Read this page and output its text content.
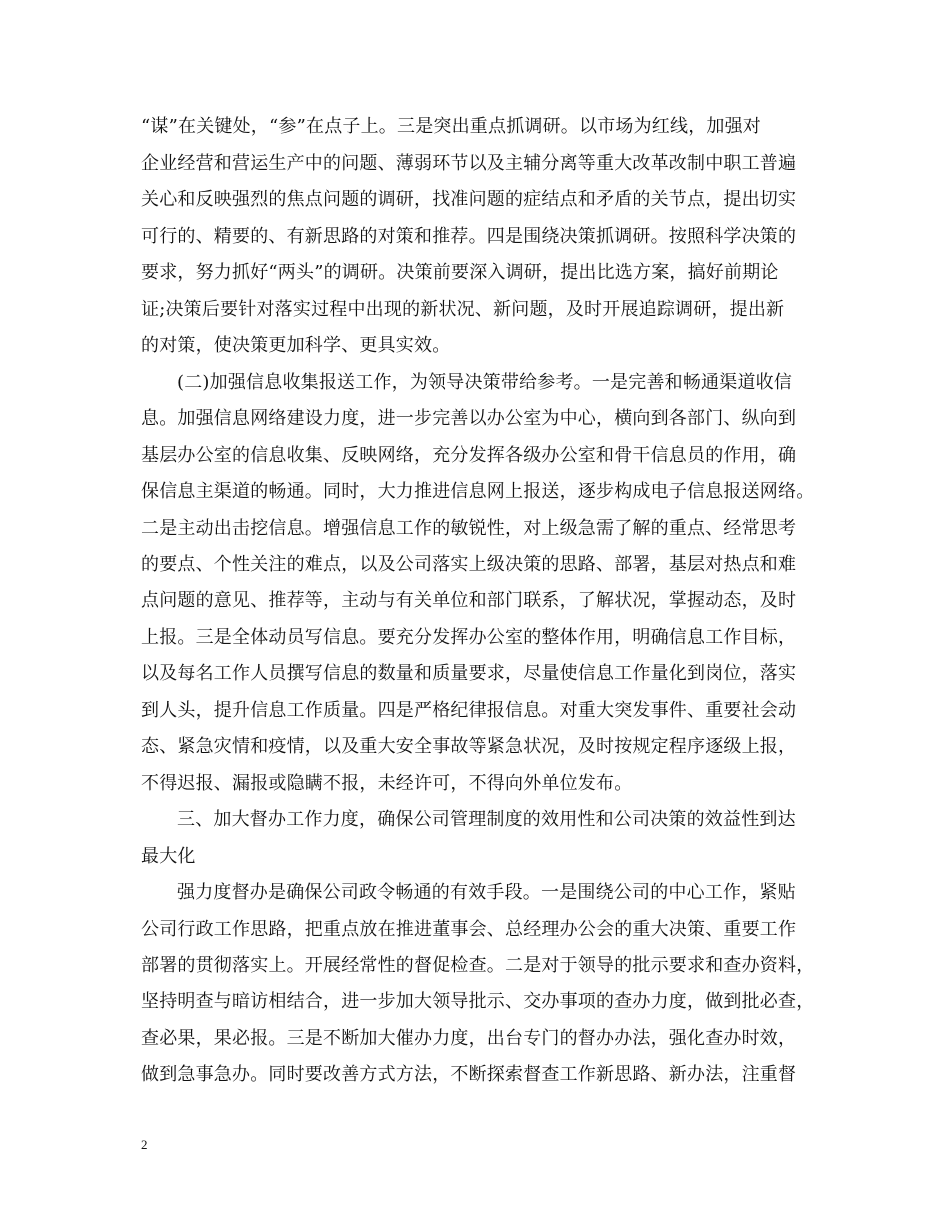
“谋”在关键处，“参”在点子上。三是突出重点抓调研。以市场为红线，加强对
企业经营和营运生产中的问题、薄弱环节以及主辅分离等重大改革改制中职工普遍
关心和反映强烈的焦点问题的调研，找准问题的症结点和矛盾的关节点，提出切实
可行的、精要的、有新思路的对策和推荐。四是围绕决策抓调研。按照科学决策的
要求，努力抓好“两头”的调研。决策前要深入调研，提出比选方案，搞好前期论
证;决策后要针对落实过程中出现的新状况、新问题，及时开展追踪调研，提出新
的对策，使决策更加科学、更具实效。
(二)加强信息收集报送工作，为领导决策带给参考。一是完善和畅通渠道收信
息。加强信息网络建设力度，进一步完善以办公室为中心，横向到各部门、纵向到
基层办公室的信息收集、反映网络，充分发挥各级办公室和骨干信息员的作用，确
保信息主渠道的畅通。同时，大力推进信息网上报送，逐步构成电子信息报送网络。
二是主动出击挖信息。增强信息工作的敏锐性，对上级急需了解的重点、经常思考
的要点、个性关注的难点，以及公司落实上级决策的思路、部署，基层对热点和难
点问题的意见、推荐等，主动与有关单位和部门联系，了解状况，掌握动态，及时
上报。三是全体动员写信息。要充分发挥办公室的整体作用，明确信息工作目标，
以及每名工作人员撰写信息的数量和质量要求，尽量使信息工作量化到岗位，落实
到人头，提升信息工作质量。四是严格纪律报信息。对重大突发事件、重要社会动
态、紧急灾情和疫情，以及重大安全事故等紧急状况，及时按规定程序逐级上报，
不得迟报、漏报或隐瞒不报，未经许可，不得向外单位发布。
三、加大督办工作力度，确保公司管理制度的效用性和公司决策的效益性到达
最大化
强力度督办是确保公司政令畅通的有效手段。一是围绕公司的中心工作，紧贴
公司行政工作思路，把重点放在推进董事会、总经理办公会的重大决策、重要工作
部署的贯彻落实上。开展经常性的督促检查。二是对于领导的批示要求和查办资料，
坚持明查与暗访相结合，进一步加大领导批示、交办事项的查办力度，做到批必查，
查必果，果必报。三是不断加大催办力度，出台专门的督办办法，强化查办时效，
做到急事急办。同时要改善方式方法，不断探索督查工作新思路、新办法，注重督
2
